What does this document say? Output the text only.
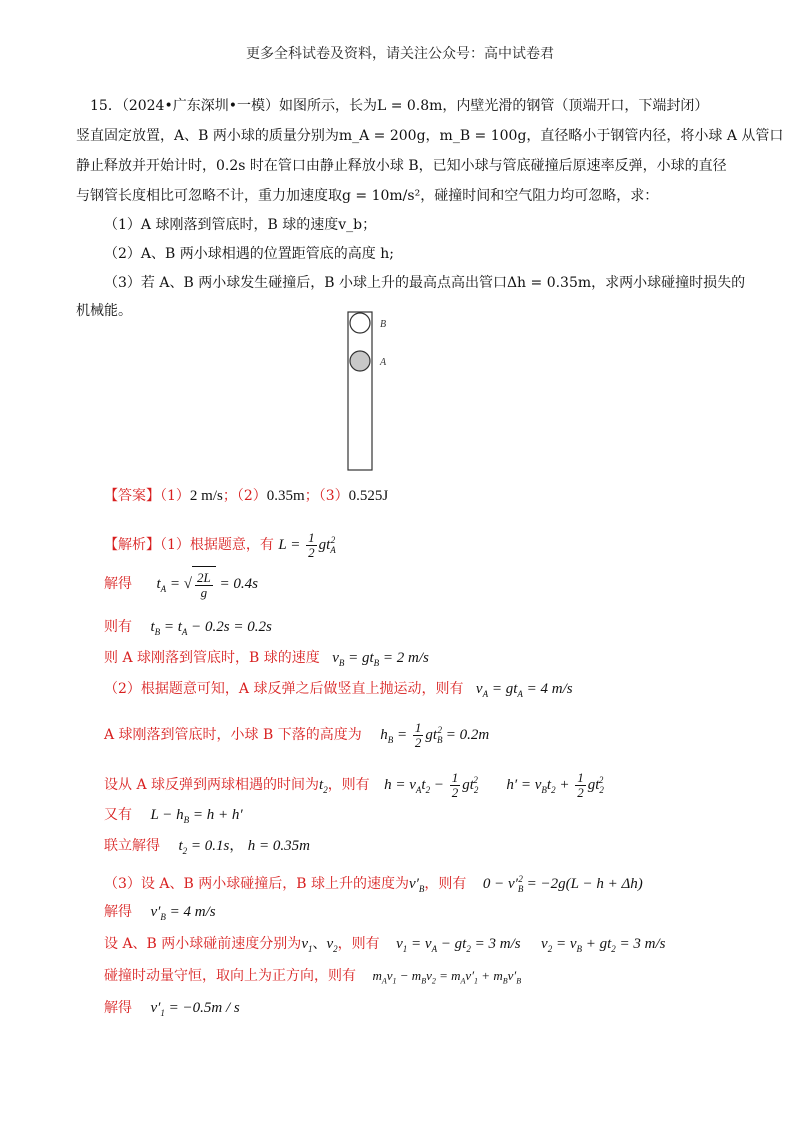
更多全科试卷及资料，请关注公众号：高中试卷君
15．（2024•广东深圳•一模）如图所示，长为L = 0.8m，内壁光滑的钢管（顶端开口，下端封闭）
竖直固定放置，A、B 两小球的质量分别为m_A = 200g，m_B = 100g，直径略小于钢管内径，将小球 A 从管口
静止释放并开始计时，0.2s 时在管口由静止释放小球 B，已知小球与管底碰撞后原速率反弹，小球的直径
与钢管长度相比可忽略不计，重力加速度取g = 10m/s²，碰撞时间和空气阻力均可忽略，求：
（1）A 球刚落到管底时，B 球的速度v_b；
（2）A、B 两小球相遇的位置距管底的高度 h;
（3）若 A、B 两小球发生碰撞后，B 小球上升的最高点高出管口Δh = 0.35m，求两小球碰撞时损失的
机械能。
B
A
【答案】（1）2 m/s；（2）0.35m；（3）0.525J
【解析】（1）根据题意，有 $L = \frac{1}{2} gt_A^2$
解得 $t_A$ = √ $\frac{2L}{g} = 0.4s$
则有 $t_B = t_A - 0.2s = 0.2s$
则 A 球刚落到管底时，B 球的速度 $v_B = gt_B = 2$ m/s
（2）根据题意可知，A 球反弹之后做竖直上抛运动，则有 $v_A = gt_A = 4$ m/s
A 球刚落到管底时，小球 B 下落的高度为 $h_B = \frac{1}{2} gt_B^2 = 0.2m$
设从 A 球反弹到两球相遇的时间为$t_2$，则有 $h = v_At_2 - \frac{1}{2} gt_2^2$ $h' = v_Bt_2 + \frac{1}{2} gt_2^2$
又有 $L - h_B = h + h'$
联立解得 $t_2 = 0.1s$， h = 0.35m
（3）设 A、B 两小球碰撞后，B 球上升的速度为$v'_B$，则有 $0 - v'_B^2 = -2g(L - h + \Delta h)$
解得 $v'_B = 4$ m/s
设 A、B 两小球碰前速度分别为$v_1$、$v_2$，则有 $v_1 = v_A - gt_2 = 3$ m/s $v_2 = v_B + gt_2 = 3$ m/s
碰撞时动量守恒，取向上为正方向，则有 $m_Av_1 - m_Bv_2 = m_Av'_1 + m_Bv'_B$
解得 $v'_1 = -0.5m / s$
